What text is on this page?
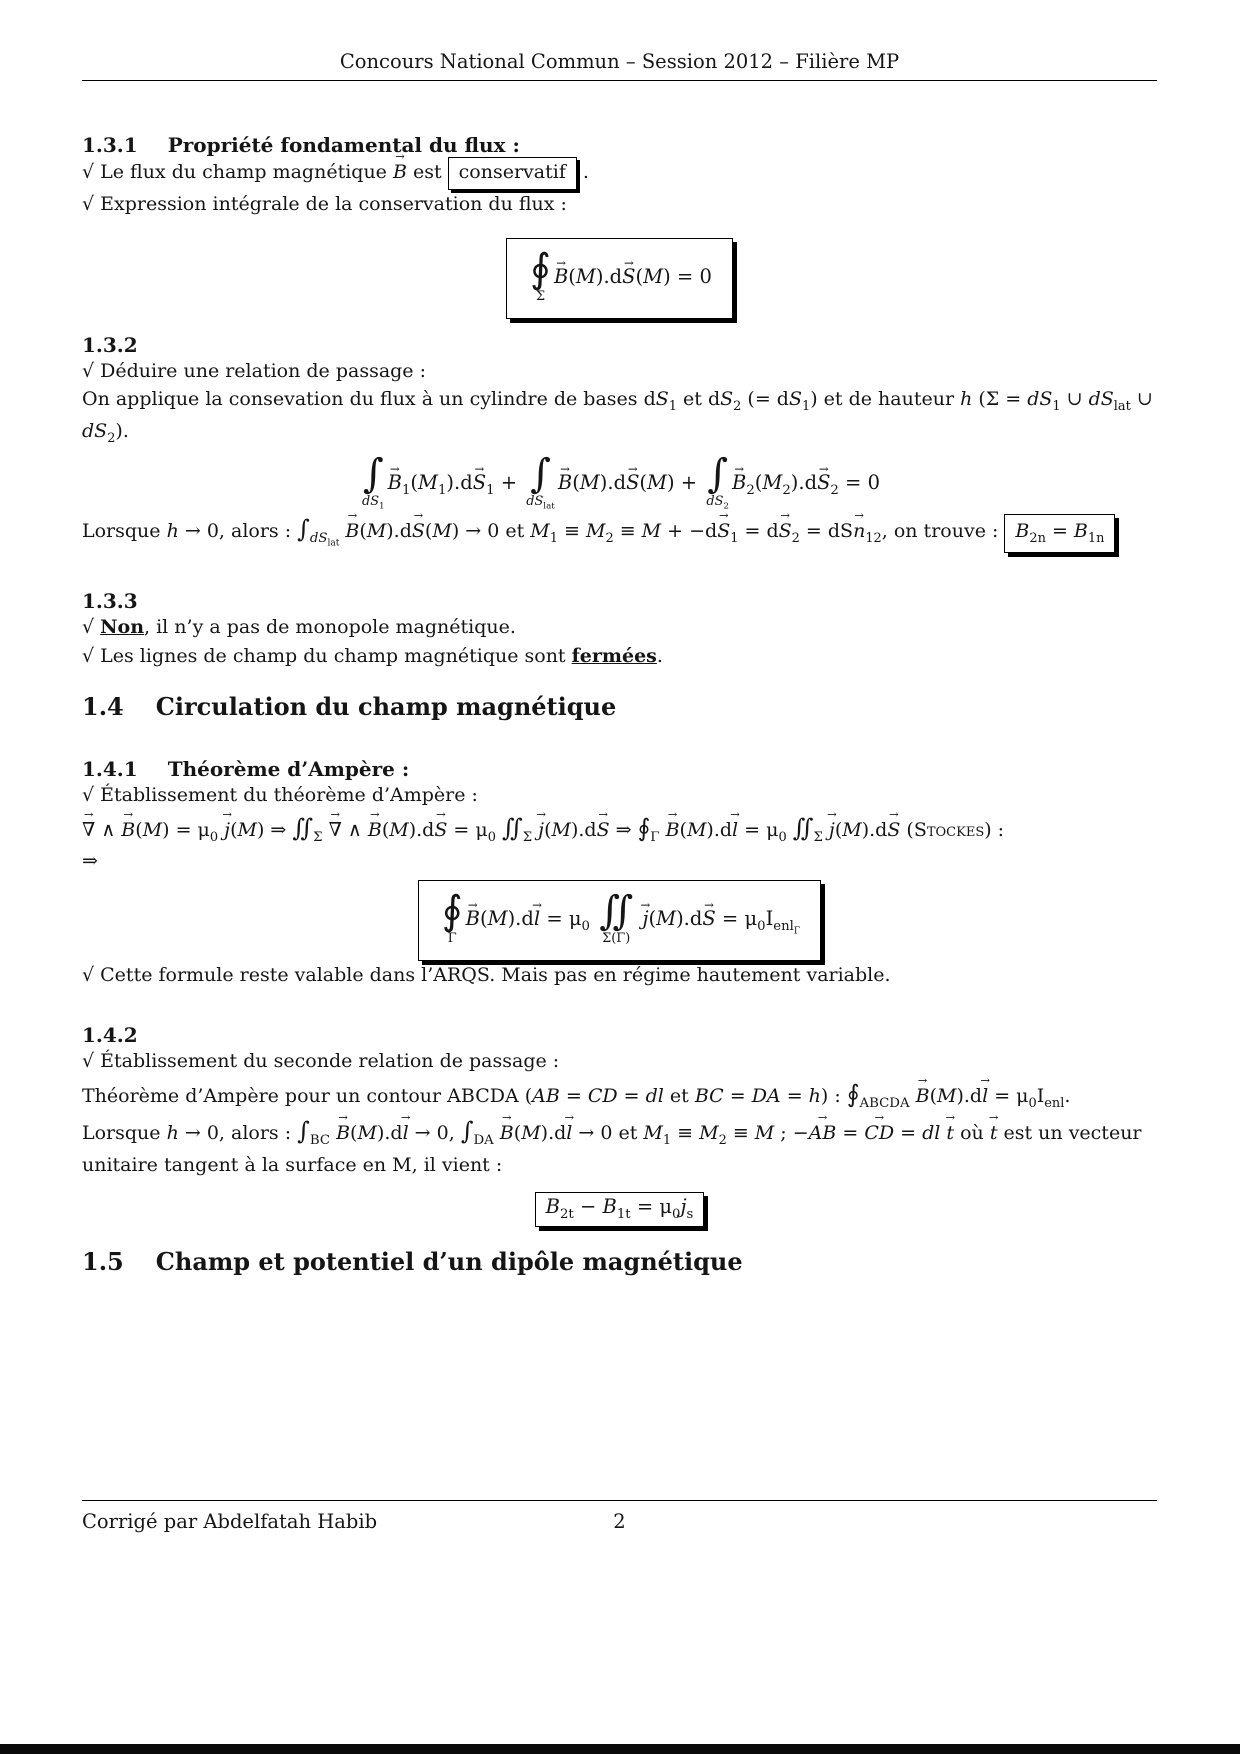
Concours National Commun – Session 2012 – Filière MP
1.3.1 Propriété fondamental du flux :

√ Le flux du champ magnétique B → est conservatif .

√ Expression intégrale de la conservation du flux :

∮
Σ
B →(M).dS →(M) = 0
1.3.2

√ Déduire une relation de passage :

On applique la consevation du flux à un cylindre de bases $dS_1$ et $dS_2$ (= $dS_1$) et de hauteur h ($\Sigma = dS_1$ ∪ $dS_{lat}$ ∪ $dS_2$).

∫
$dS_1$
$B \to_1(M_1).dS \to_1$ + ∫
$dS_{lat}$
B →(M).dS →(M) + ∫
$dS_2$
$B \to_2(M_2).dS \to_2 = 0$

Lorsque h → 0, alors : $\int_{dS_{lat}}$ B →(M).dS →(M) → 0 et $M_1 \equiv M_2 \equiv M + -dS \to_1$ = dS $\to_2$ = dSn $\to_{12}$, on trouve : $B_{2n} = B_{1n}$

1.3.3

√ Non, il n’y a pas de monopole magnétique.

√ Les lignes de champ du champ magnétique sont fermées.

1.4 Circulation du champ magnétique
1.4.1 Théorème d’Ampère :

√ Établissement du théorème d’Ampère :

∇ → ∧ $B \to(M) = \mu_0$ j →(M) ⇒ $∬_\Sigma$ ∇ → ∧ B →(M).dS → = $\mu_0$ $∬_\Sigma$ j →(M).dS → ⇒ $∮_\Gamma$ B →(M).dl → = $\mu_0$ $∬_\Sigma$ j →(M).dS → (Stockes) :

⇒

∮
Γ
B →(M).dl → = $\mu_0$ ∬
Σ(Γ)
j →(M).dS → = $\mu_0I_{enl_\Gamma}$

√ Cette formule reste valable dans l’ARQS. Mais pas en régime hautement variable.

1.4.2

√ Établissement du seconde relation de passage :

Théorème d’Ampère pour un contour ABCDA (AB = CD = dl et BC = DA = h) : $∮_{ABCDA}$ B →(M).dl → = $\mu_0I_{enl}$.

Lorsque h → 0, alors : $\int_{BC}$ B →(M).dl → → 0, $\int_{DA}$ B →(M).dl → → 0 et $M_1 \equiv M_2 \equiv M$ ; −AB → = CD → = dl t → où t → est un vecteur unitaire tangent à la surface en M, il vient :

$B_{2t} - B_{1t} = \mu_0j_s$
1.5 Champ et potentiel d’un dipôle magnétique
Corrigé par Abdelfatah Habib	2
